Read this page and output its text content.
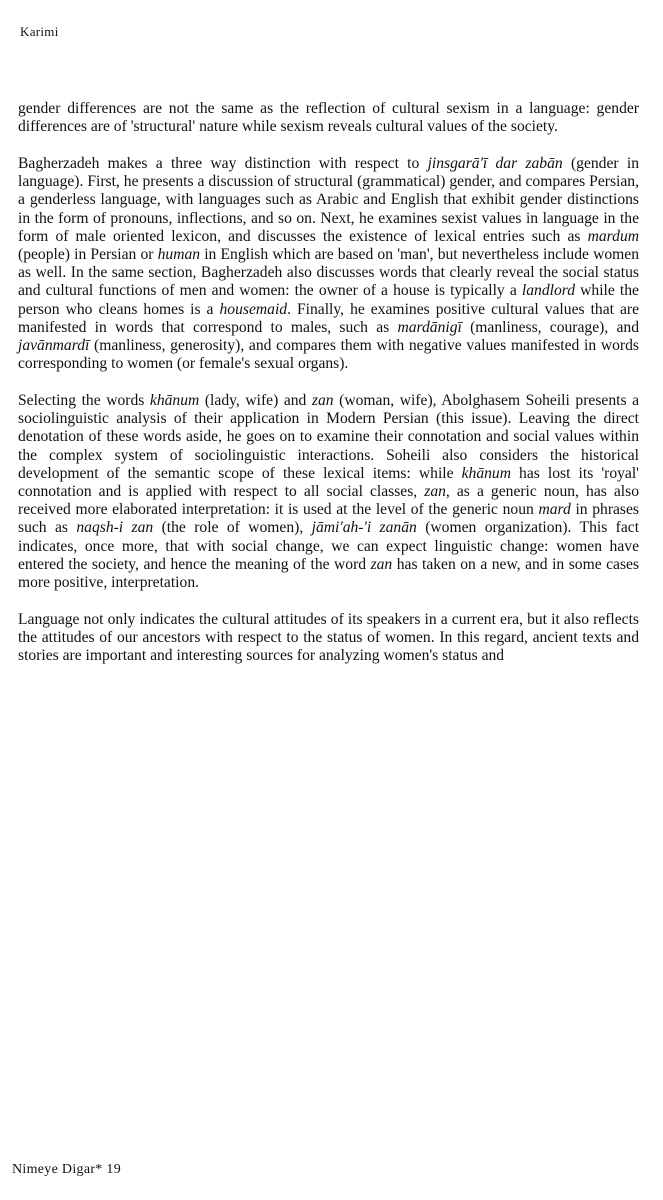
Karimi

gender differences are not the same as the reflection of cultural sexism in a language: gender differences are of 'structural' nature while sexism reveals cultural values of the society.

Bagherzadeh makes a three way distinction with respect to jinsgarā'ī dar zabān (gender in language). First, he presents a discussion of structural (grammatical) gender, and compares Persian, a genderless language, with languages such as Arabic and English that exhibit gender distinctions in the form of pronouns, inflections, and so on. Next, he examines sexist values in language in the form of male oriented lexicon, and discusses the existence of lexical entries such as mardum (people) in Persian or human in English which are based on 'man', but nevertheless include women as well. In the same section, Bagherzadeh also discusses words that clearly reveal the social status and cultural functions of men and women: the owner of a house is typically a landlord while the person who cleans homes is a housemaid. Finally, he examines positive cultural values that are manifested in words that correspond to males, such as mardānigī (manliness, courage), and javānmardī (manliness, generosity), and compares them with negative values manifested in words corresponding to women (or female's sexual organs).

Selecting the words khānum (lady, wife) and zan (woman, wife), Abolghasem Soheili presents a sociolinguistic analysis of their application in Modern Persian (this issue). Leaving the direct denotation of these words aside, he goes on to examine their connotation and social values within the complex system of sociolinguistic interactions. Soheili also considers the historical development of the semantic scope of these lexical items: while khānum has lost its 'royal' connotation and is applied with respect to all social classes, zan, as a generic noun, has also received more elaborated interpretation: it is used at the level of the generic noun mard in phrases such as naqsh-i zan (the role of women), jāmi'ah-'i zanān (women organization). This fact indicates, once more, that with social change, we can expect linguistic change: women have entered the society, and hence the meaning of the word zan has taken on a new, and in some cases more positive, interpretation.

Language not only indicates the cultural attitudes of its speakers in a current era, but it also reflects the attitudes of our ancestors with respect to the status of women. In this regard, ancient texts and stories are important and interesting sources for analyzing women's status and

Nimeye Digar* 19
